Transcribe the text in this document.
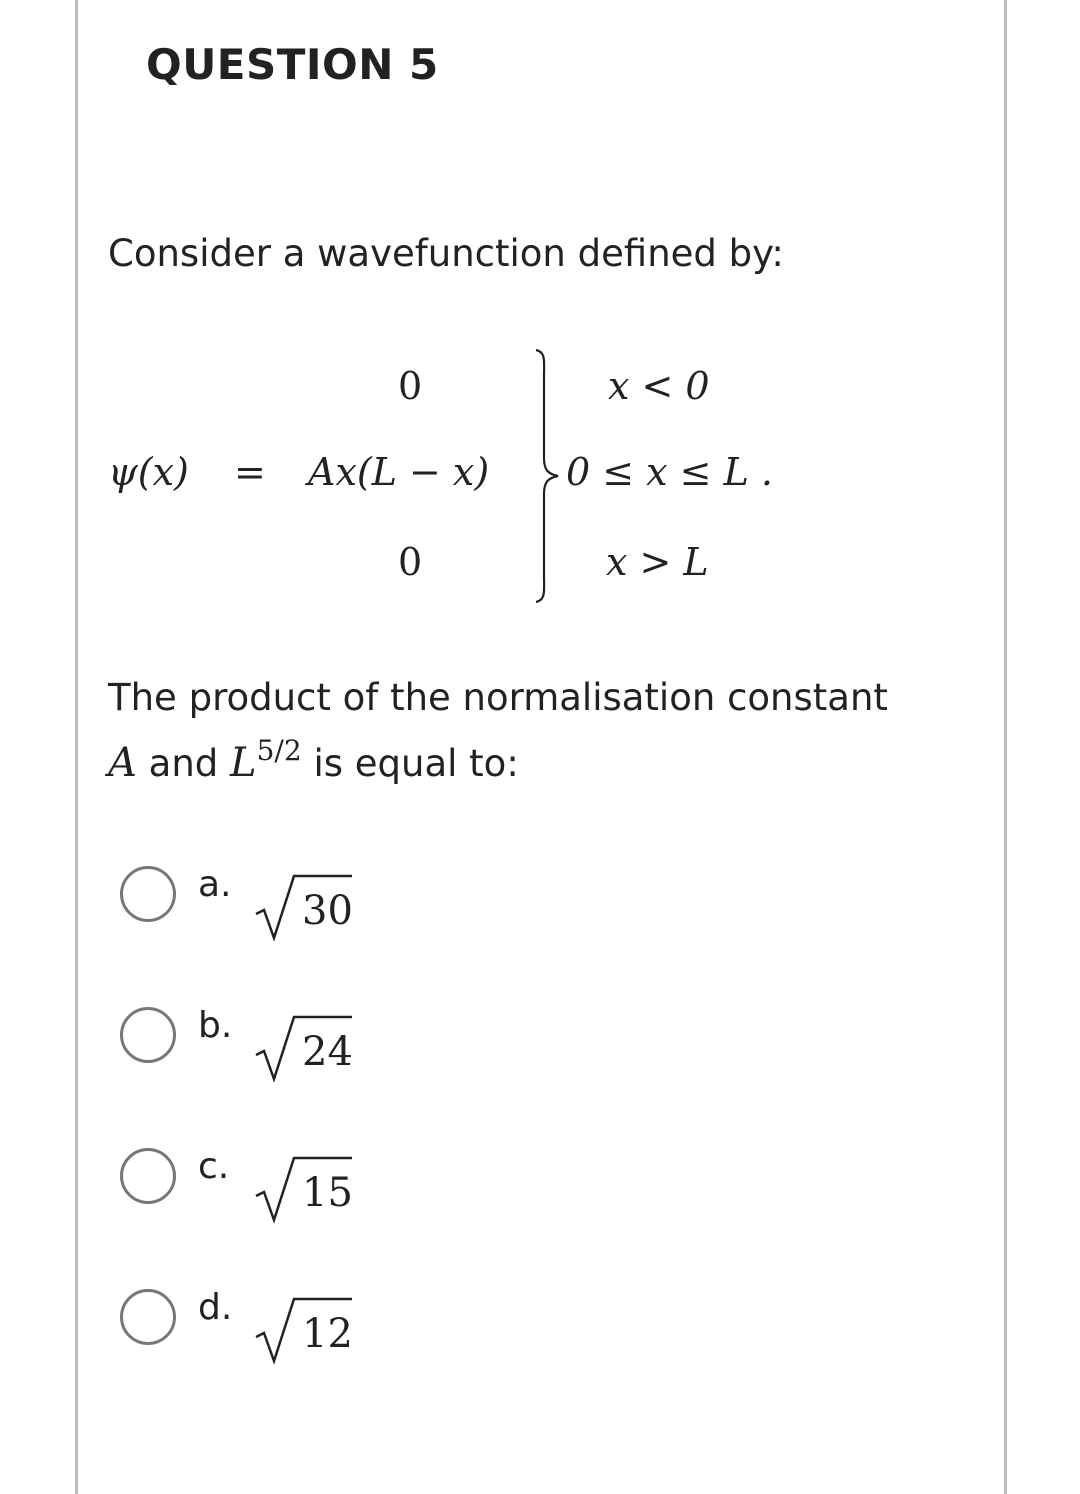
QUESTION 5
Consider a wavefunction defined by:
ψ(x) =
0
Ax(L − x)
0
x < 0
0 ≤ x ≤ L .
x > L
The product of the normalisation constant
A and $L^{5/2}$ is equal to:
a.
30
b.
24
c.
15
d.
12
